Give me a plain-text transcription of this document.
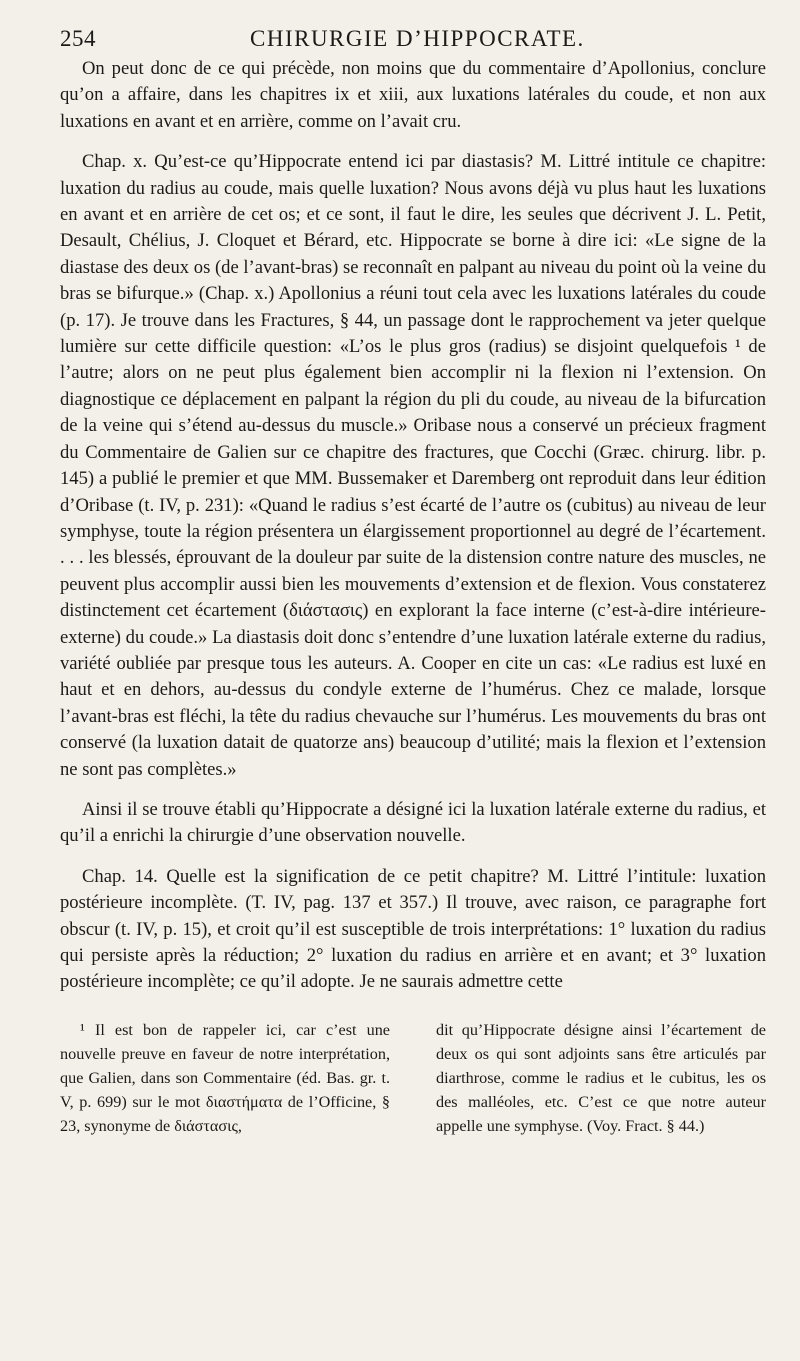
254	CHIRURGIE D’HIPPOCRATE.

On peut donc de ce qui précède, non moins que du commentaire d’Apollonius, conclure qu’on a affaire, dans les chapitres ix et xiii, aux luxations latérales du coude, et non aux luxations en avant et en arrière, comme on l’avait cru.

Chap. x. Qu’est-ce qu’Hippocrate entend ici par diastasis? M. Littré intitule ce chapitre: luxation du radius au coude, mais quelle luxation? Nous avons déjà vu plus haut les luxations en avant et en arrière de cet os; et ce sont, il faut le dire, les seules que décrivent J. L. Petit, Desault, Chélius, J. Cloquet et Bérard, etc. Hippocrate se borne à dire ici: «Le signe de la diastase des deux os (de l’avant-bras) se reconnaît en palpant au niveau du point où la veine du bras se bifurque.» (Chap. x.) Apollonius a réuni tout cela avec les luxations latérales du coude (p. 17). Je trouve dans les Fractures, § 44, un passage dont le rapprochement va jeter quelque lumière sur cette difficile question: «L’os le plus gros (radius) se disjoint quelquefois ¹ de l’autre; alors on ne peut plus également bien accomplir ni la flexion ni l’extension. On diagnostique ce déplacement en palpant la région du pli du coude, au niveau de la bifurcation de la veine qui s’étend au-dessus du muscle.» Oribase nous a conservé un précieux fragment du Commentaire de Galien sur ce chapitre des fractures, que Cocchi (Græc. chirurg. libr. p. 145) a publié le premier et que MM. Bussemaker et Daremberg ont reproduit dans leur édition d’Oribase (t. IV, p. 231): «Quand le radius s’est écarté de l’autre os (cubitus) au niveau de leur symphyse, toute la région présentera un élargissement proportionnel au degré de l’écartement. . . . les blessés, éprouvant de la douleur par suite de la distension contre nature des muscles, ne peuvent plus accomplir aussi bien les mouvements d’extension et de flexion. Vous constaterez distinctement cet écartement (διάστασις) en explorant la face interne (c’est-à-dire intérieure-externe) du coude.» La diastasis doit donc s’entendre d’une luxation latérale externe du radius, variété oubliée par presque tous les auteurs. A. Cooper en cite un cas: «Le radius est luxé en haut et en dehors, au-dessus du condyle externe de l’humérus. Chez ce malade, lorsque l’avant-bras est fléchi, la tête du radius chevauche sur l’humérus. Les mouvements du bras ont conservé (la luxation datait de quatorze ans) beaucoup d’utilité; mais la flexion et l’extension ne sont pas complètes.»

Ainsi il se trouve établi qu’Hippocrate a désigné ici la luxation latérale externe du radius, et qu’il a enrichi la chirurgie d’une observation nouvelle.

Chap. 14. Quelle est la signification de ce petit chapitre? M. Littré l’intitule: luxation postérieure incomplète. (T. IV, pag. 137 et 357.) Il trouve, avec raison, ce paragraphe fort obscur (t. IV, p. 15), et croit qu’il est susceptible de trois interprétations: 1° luxation du radius qui persiste après la réduction; 2° luxation du radius en arrière et en avant; et 3° luxation postérieure incomplète; ce qu’il adopte. Je ne saurais admettre cette

¹ Il est bon de rappeler ici, car c’est une nouvelle preuve en faveur de notre interprétation, que Galien, dans son Commentaire (éd. Bas. gr. t. V, p. 699) sur le mot διαστήματα de l’Officine, § 23, synonyme de διάστασις,

dit qu’Hippocrate désigne ainsi l’écartement de deux os qui sont adjoints sans être articulés par diarthrose, comme le radius et le cubitus, les os des malléoles, etc. C’est ce que notre auteur appelle une symphyse. (Voy. Fract. § 44.)
